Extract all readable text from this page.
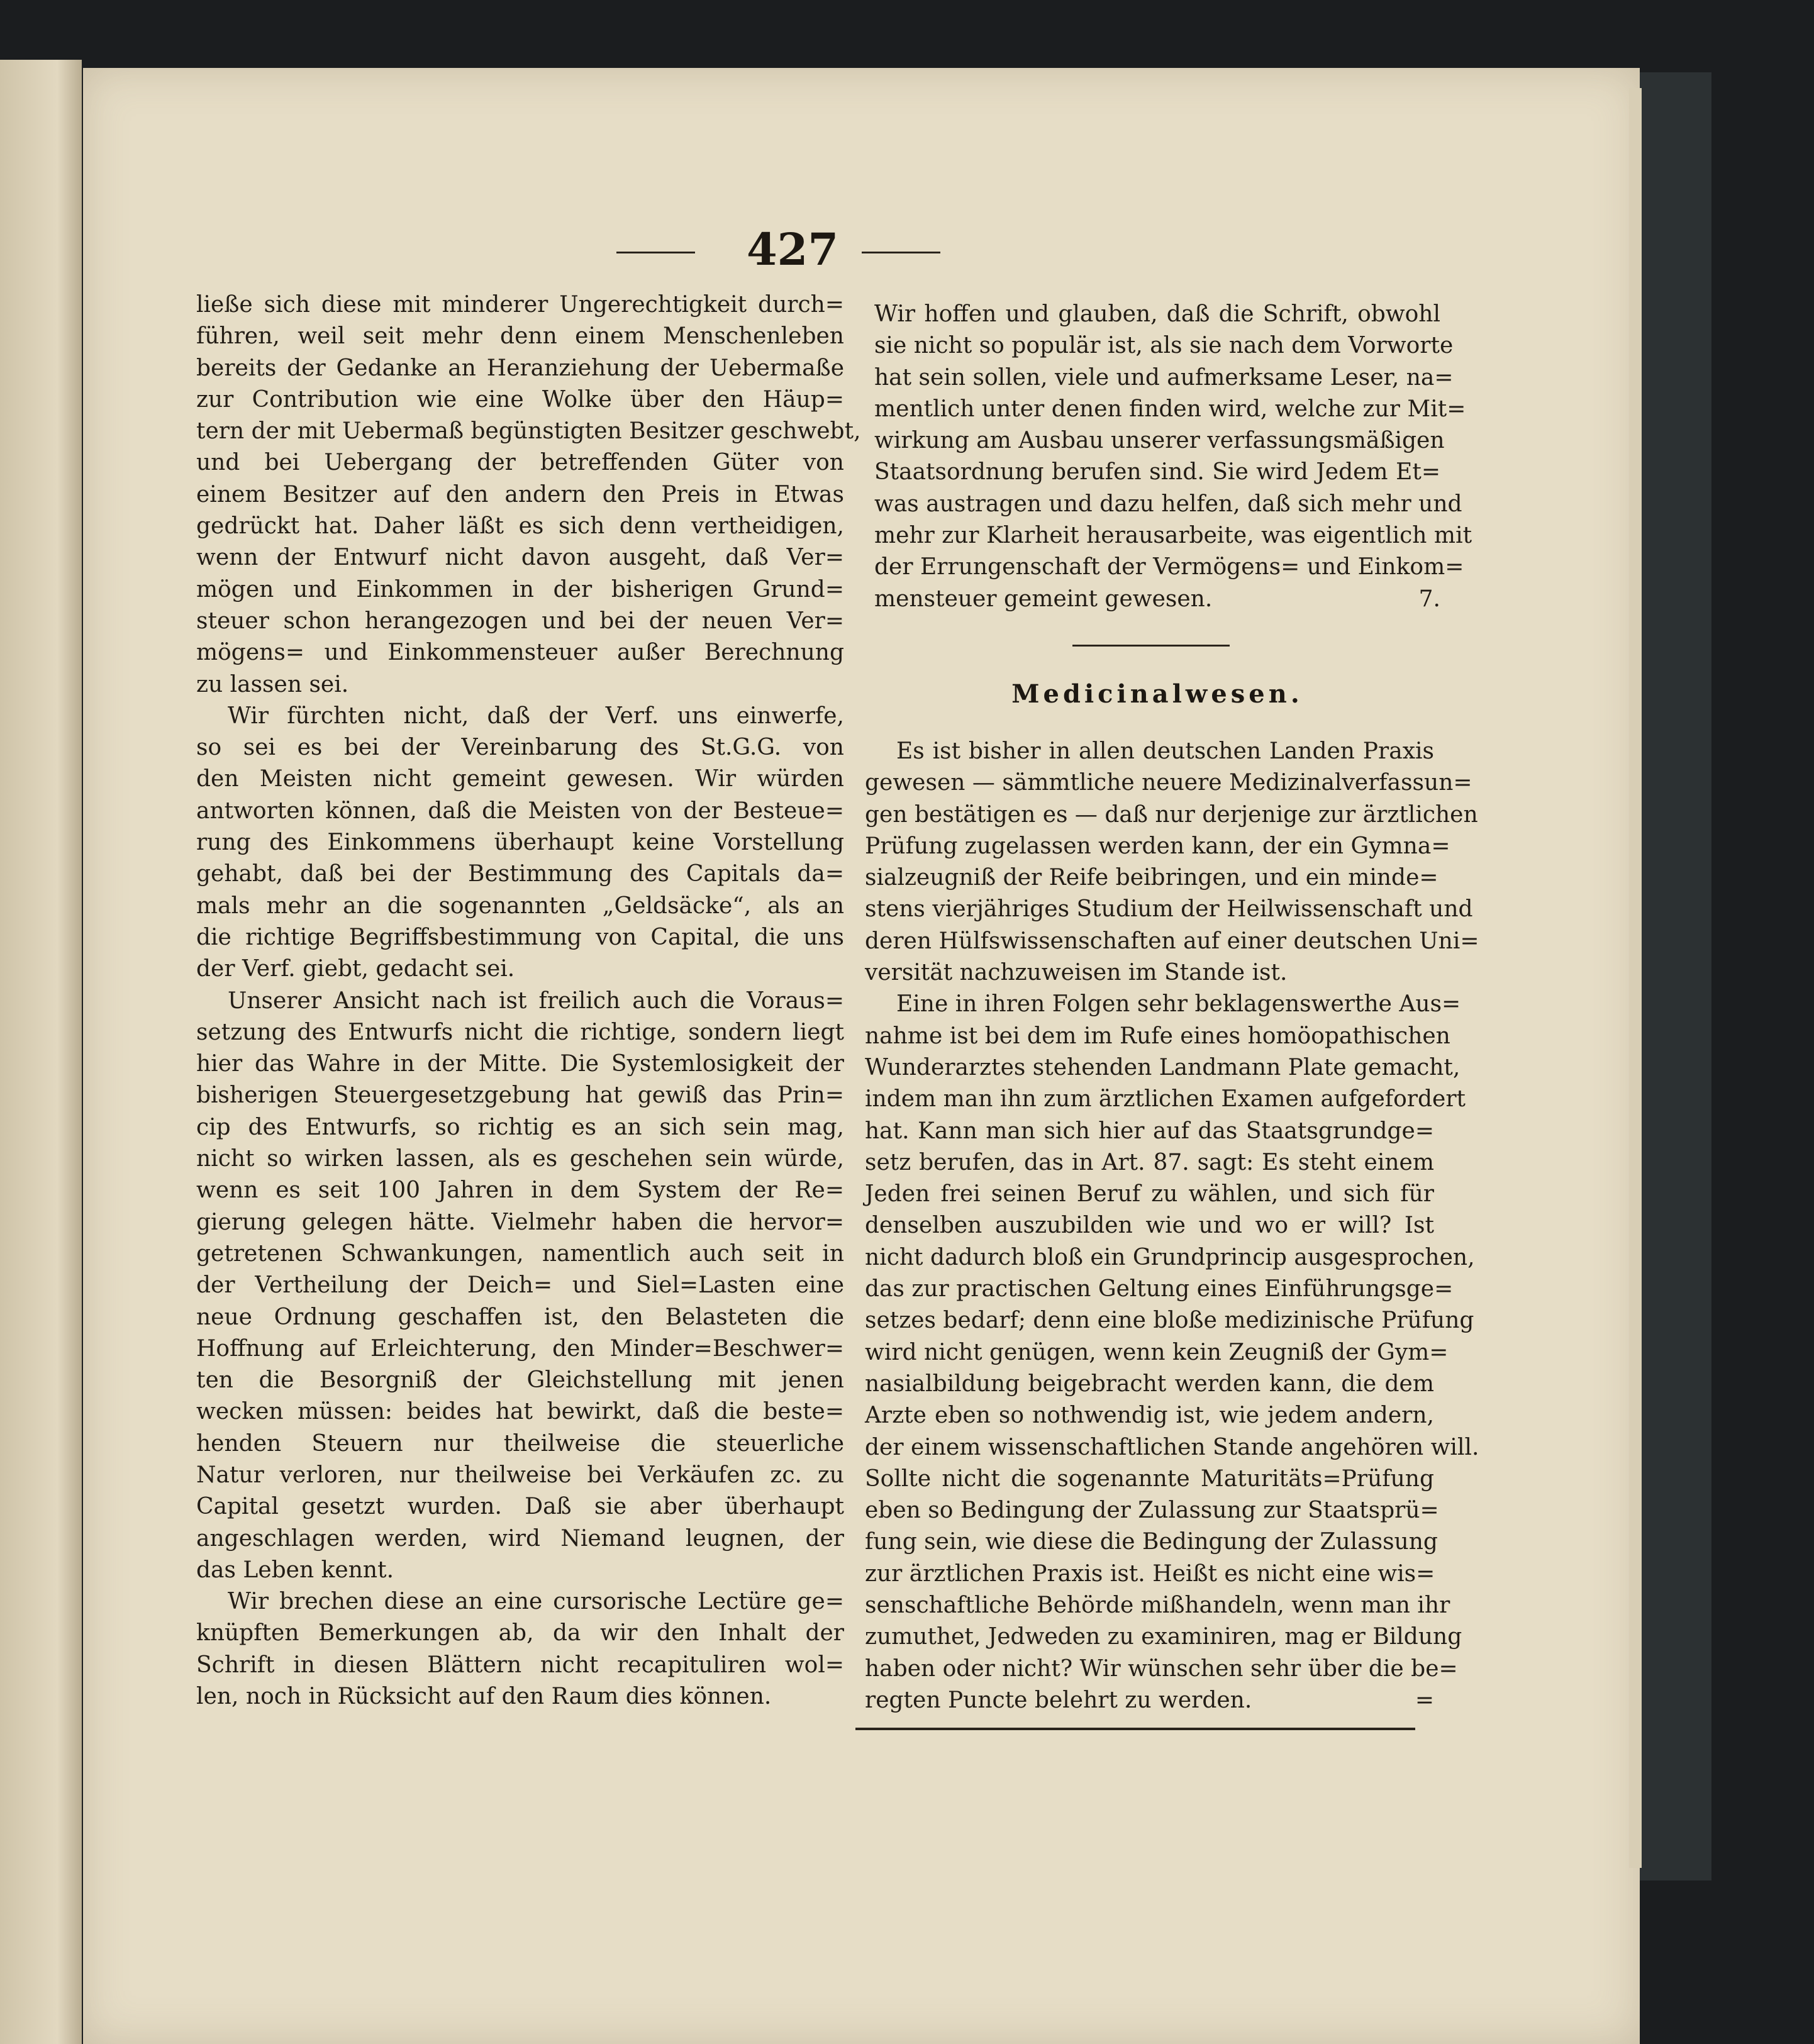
427
ließe sich diese mit minderer Ungerechtigkeit durch=
führen, weil seit mehr denn einem Menschenleben
bereits der Gedanke an Heranziehung der Uebermaße
zur Contribution wie eine Wolke über den Häup=
tern der mit Uebermaß begünstigten Besitzer geschwebt,
und bei Uebergang der betreffenden Güter von
einem Besitzer auf den andern den Preis in Etwas
gedrückt hat. Daher läßt es sich denn vertheidigen,
wenn der Entwurf nicht davon ausgeht, daß Ver=
mögen und Einkommen in der bisherigen Grund=
steuer schon herangezogen und bei der neuen Ver=
mögens= und Einkommensteuer außer Berechnung
zu lassen sei.
Wir fürchten nicht, daß der Verf. uns einwerfe,
so sei es bei der Vereinbarung des St.G.G. von
den Meisten nicht gemeint gewesen. Wir würden
antworten können, daß die Meisten von der Besteue=
rung des Einkommens überhaupt keine Vorstellung
gehabt, daß bei der Bestimmung des Capitals da=
mals mehr an die sogenannten „Geldsäcke“, als an
die richtige Begriffsbestimmung von Capital, die uns
der Verf. giebt, gedacht sei.
Unserer Ansicht nach ist freilich auch die Voraus=
setzung des Entwurfs nicht die richtige, sondern liegt
hier das Wahre in der Mitte. Die Systemlosigkeit der
bisherigen Steuergesetzgebung hat gewiß das Prin=
cip des Entwurfs, so richtig es an sich sein mag,
nicht so wirken lassen, als es geschehen sein würde,
wenn es seit 100 Jahren in dem System der Re=
gierung gelegen hätte. Vielmehr haben die hervor=
getretenen Schwankungen, namentlich auch seit in
der Vertheilung der Deich= und Siel=Lasten eine
neue Ordnung geschaffen ist, den Belasteten die
Hoffnung auf Erleichterung, den Minder=Beschwer=
ten die Besorgniß der Gleichstellung mit jenen
wecken müssen: beides hat bewirkt, daß die beste=
henden Steuern nur theilweise die steuerliche
Natur verloren, nur theilweise bei Verkäufen zc. zu
Capital gesetzt wurden. Daß sie aber überhaupt
angeschlagen werden, wird Niemand leugnen, der
das Leben kennt.
Wir brechen diese an eine cursorische Lectüre ge=
knüpften Bemerkungen ab, da wir den Inhalt der
Schrift in diesen Blättern nicht recapituliren wol=
len, noch in Rücksicht auf den Raum dies können.
Wir hoffen und glauben, daß die Schrift, obwohl
sie nicht so populär ist, als sie nach dem Vorworte
hat sein sollen, viele und aufmerksame Leser, na=
mentlich unter denen finden wird, welche zur Mit=
wirkung am Ausbau unserer verfassungsmäßigen
Staatsordnung berufen sind. Sie wird Jedem Et=
was austragen und dazu helfen, daß sich mehr und
mehr zur Klarheit herausarbeite, was eigentlich mit
der Errungenschaft der Vermögens= und Einkom=
mensteuer gemeint gewesen.	7.
Medicinalwesen.
Es ist bisher in allen deutschen Landen Praxis
gewesen — sämmtliche neuere Medizinalverfassun=
gen bestätigen es — daß nur derjenige zur ärztlichen
Prüfung zugelassen werden kann, der ein Gymna=
sialzeugniß der Reife beibringen, und ein minde=
stens vierjähriges Studium der Heilwissenschaft und
deren Hülfswissenschaften auf einer deutschen Uni=
versität nachzuweisen im Stande ist.
Eine in ihren Folgen sehr beklagenswerthe Aus=
nahme ist bei dem im Rufe eines homöopathischen
Wunderarztes stehenden Landmann Plate gemacht,
indem man ihn zum ärztlichen Examen aufgefordert
hat. Kann man sich hier auf das Staatsgrundge=
setz berufen, das in Art. 87. sagt: Es steht einem
Jeden frei seinen Beruf zu wählen, und sich für
denselben auszubilden wie und wo er will? Ist
nicht dadurch bloß ein Grundprincip ausgesprochen,
das zur practischen Geltung eines Einführungsge=
setzes bedarf; denn eine bloße medizinische Prüfung
wird nicht genügen, wenn kein Zeugniß der Gym=
nasialbildung beigebracht werden kann, die dem
Arzte eben so nothwendig ist, wie jedem andern,
der einem wissenschaftlichen Stande angehören will.
Sollte nicht die sogenannte Maturitäts=Prüfung
eben so Bedingung der Zulassung zur Staatsprü=
fung sein, wie diese die Bedingung der Zulassung
zur ärztlichen Praxis ist. Heißt es nicht eine wis=
senschaftliche Behörde mißhandeln, wenn man ihr
zumuthet, Jedweden zu examiniren, mag er Bildung
haben oder nicht? Wir wünschen sehr über die be=
regten Puncte belehrt zu werden.	=
